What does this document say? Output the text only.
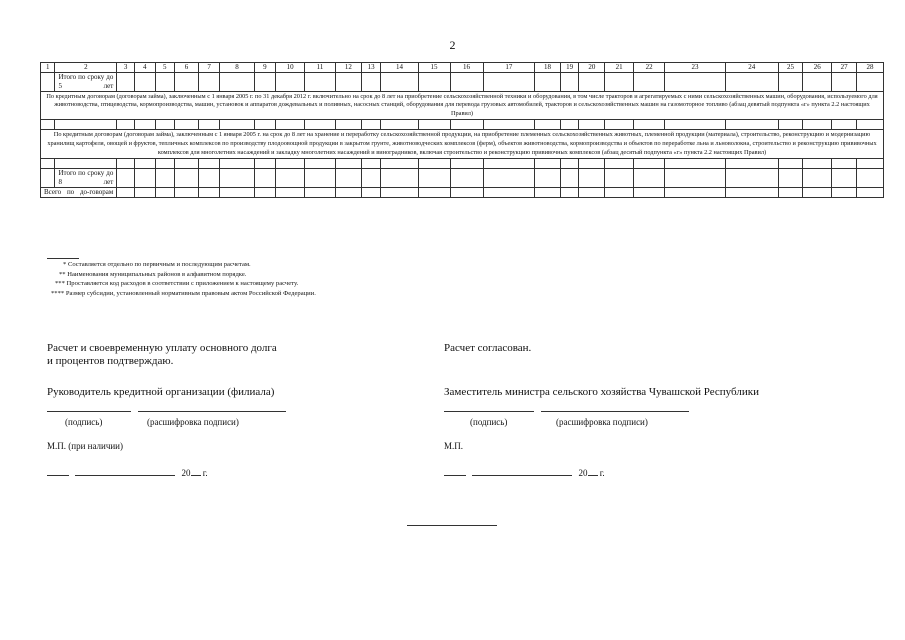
2
1	2	3	4	5	6	7	8	9	10	11	12	13	14	15	16	17	18	19	20	21	22	23	24	25	26	27	28
	Итого по сроку до 5 лет																										
По кредитным договорам (договорам займа), заключенным с 1 января 2005 г. по 31 декабря 2012 г. включительно на срок до 8 лет на приобретение сельскохозяйственной техники и оборудования, в том числе тракторов и агрегатируемых с ними сельскохозяйственных машин, оборудования, используемого для животноводства, птицеводства, кормопроизводства, машин, установок и аппаратов дождевальных и поливных, насосных станций, оборудования для перевода грузовых автомобилей, тракторов и сельскохозяйственных машин на газомоторное топливо (абзац девятый подпункта «г» пункта 2.2 настоящих Правил)																											

По кредитным договорам (договорам займа), заключенным с 1 января 2005 г. на срок до 8 лет на хранение и переработку сельскохозяйственной продукции, на приобретение племенных сельскохозяйственных животных, племенной продукции (материала), строительство, реконструкцию и модернизацию хранилищ картофеля, овощей и фруктов, тепличных комплексов по производству плодоовощной продукции в закрытом грунте, животноводческих комплексов (ферм), объектов животноводства, кормопроизводства и объектов по переработке льна и льноволокна, строительство и реконструкцию прививочных комплексов для многолетних насаждений и закладку многолетних насаждений и виноградников, включая строительство и реконструкцию прививочных комплексов (абзац десятый подпункта «г» пункта 2.2 настоящих Правил)																											

	Итого по сроку до 8 лет																										
Всего по до-говорам																											
* Составляется отдельно по первичным и последующим расчетам.
** Наименования муниципальных районов в алфавитном порядке.
*** Проставляется код расходов в соответствии с приложением к настоящему расчету.
**** Размер субсидии, установленный нормативным правовым актом Российской Федерации.
Расчет и своевременную уплату основного долга
и процентов подтверждаю.
Руководитель кредитной организации (филиала)

(подпись)	(расшифровка подписи)
М.П. (при наличии)
20 г.
Расчет согласован.
Заместитель министра сельского хозяйства Чувашской Республики

(подпись)	(расшифровка подписи)
М.П.
20 г.
